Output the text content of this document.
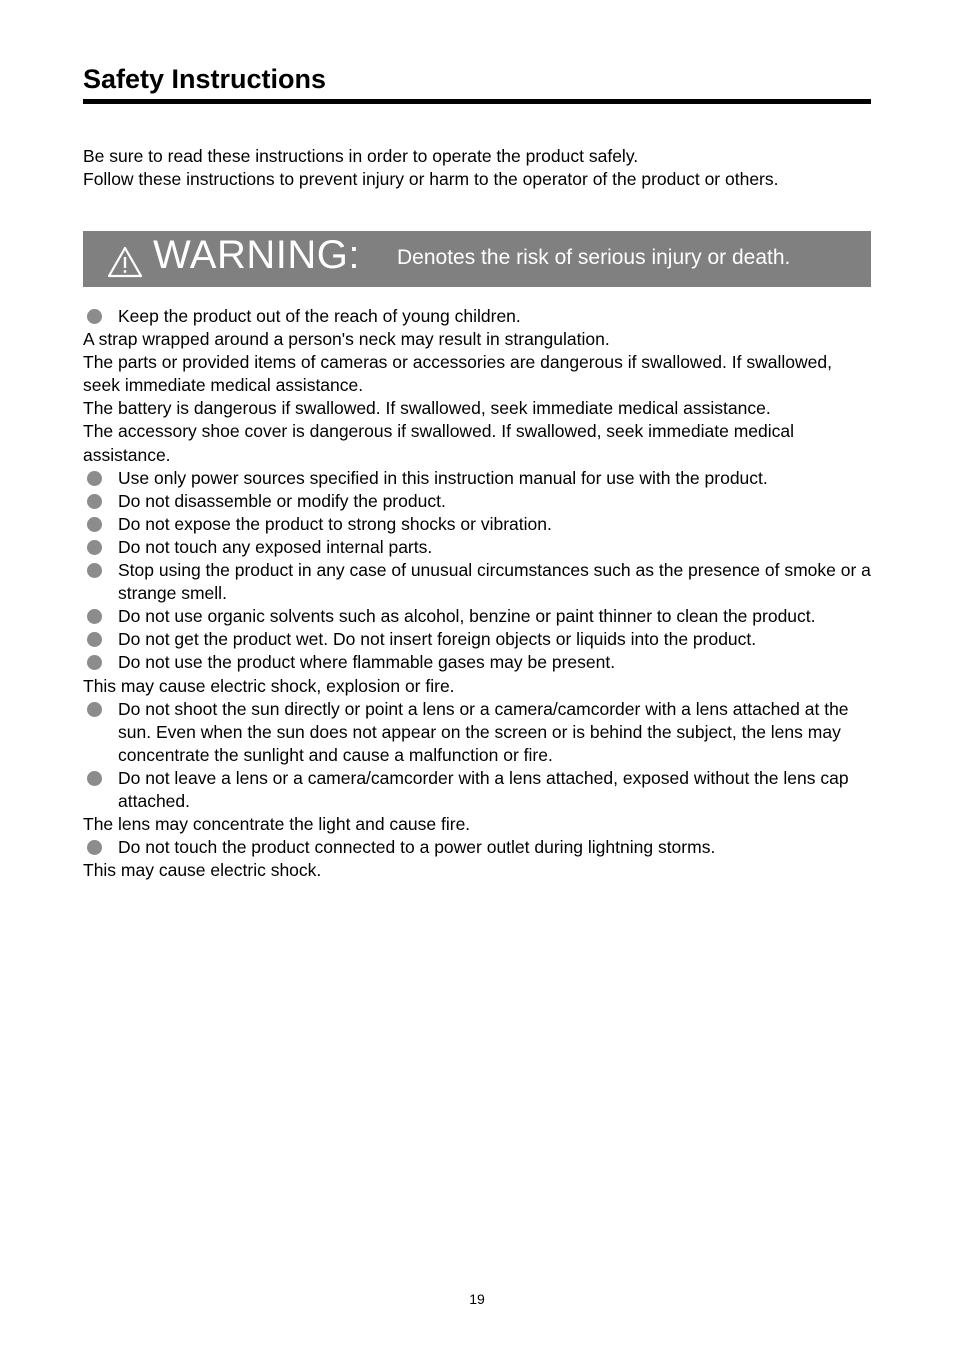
Safety Instructions
Be sure to read these instructions in order to operate the product safely.
Follow these instructions to prevent injury or harm to the operator of the product or others.
WARNING: Denotes the risk of serious injury or death.
Keep the product out of the reach of young children.
A strap wrapped around a person's neck may result in strangulation.
The parts or provided items of cameras or accessories are dangerous if swallowed. If swallowed, seek immediate medical assistance.
The battery is dangerous if swallowed. If swallowed, seek immediate medical assistance.
The accessory shoe cover is dangerous if swallowed. If swallowed, seek immediate medical assistance.
Use only power sources specified in this instruction manual for use with the product.
Do not disassemble or modify the product.
Do not expose the product to strong shocks or vibration.
Do not touch any exposed internal parts.
Stop using the product in any case of unusual circumstances such as the presence of smoke or a strange smell.
Do not use organic solvents such as alcohol, benzine or paint thinner to clean the product.
Do not get the product wet. Do not insert foreign objects or liquids into the product.
Do not use the product where flammable gases may be present.
This may cause electric shock, explosion or fire.
Do not shoot the sun directly or point a lens or a camera/camcorder with a lens attached at the sun. Even when the sun does not appear on the screen or is behind the subject, the lens may concentrate the sunlight and cause a malfunction or fire.
Do not leave a lens or a camera/camcorder with a lens attached, exposed without the lens cap attached.
The lens may concentrate the light and cause fire.
Do not touch the product connected to a power outlet during lightning storms.
This may cause electric shock.
19
